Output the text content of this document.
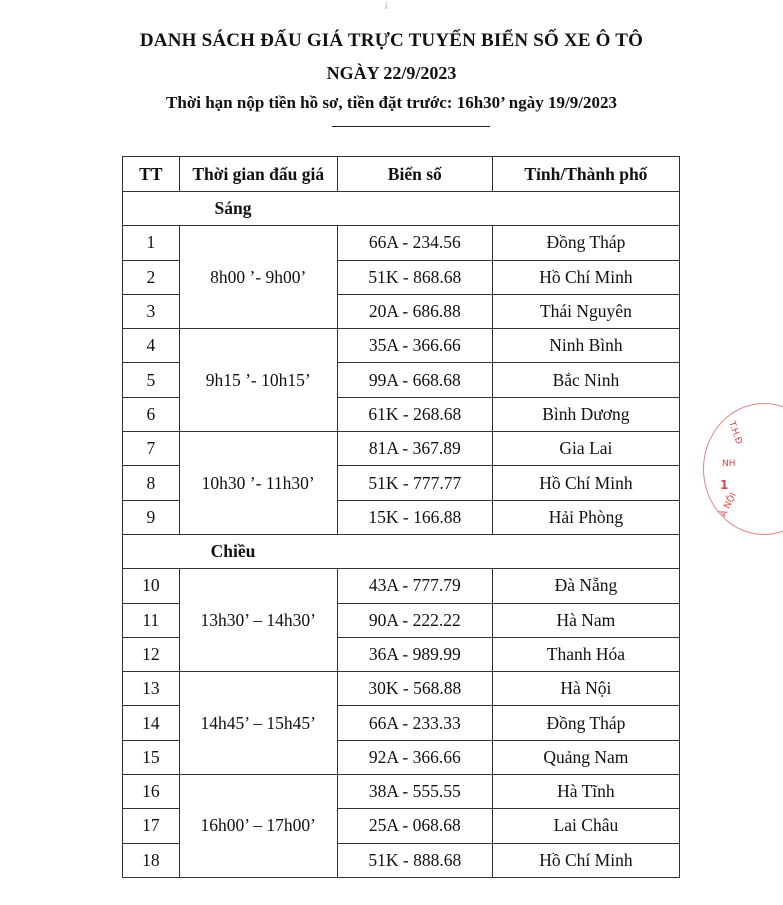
ʝ
DANH SÁCH ĐẤU GIÁ TRỰC TUYẾN BIỂN SỐ XE Ô TÔ
NGÀY 22/9/2023
Thời hạn nộp tiền hồ sơ, tiền đặt trước: 16h30’ ngày 19/9/2023
TT	Thời gian đấu giá	Biển số	Tỉnh/Thành phố
Sáng			
1	8h00 ’- 9h00’	66A - 234.56	Đồng Tháp
2		51K - 868.68	Hồ Chí Minh
3		20A - 686.88	Thái Nguyên
4	9h15 ’- 10h15’	35A - 366.66	Ninh Bình
5		99A - 668.68	Bắc Ninh
6		61K - 268.68	Bình Dương
7	10h30 ’- 11h30’	81A - 367.89	Gia Lai
8		51K - 777.77	Hồ Chí Minh
9		15K - 166.88	Hải Phòng
Chiều			
10	13h30’ – 14h30’	43A - 777.79	Đà Nẵng
11		90A - 222.22	Hà Nam
12		36A - 989.99	Thanh Hóa
13	14h45’ – 15h45’	30K - 568.88	Hà Nội
14		66A - 233.33	Đồng Tháp
15		92A - 366.66	Quảng Nam
16	16h00’ – 17h00’	38A - 555.55	Hà Tĩnh
17		25A - 068.68	Lai Châu
18		51K - 888.68	Hồ Chí Minh
T.H.Đ
NH
1
À NỘI
